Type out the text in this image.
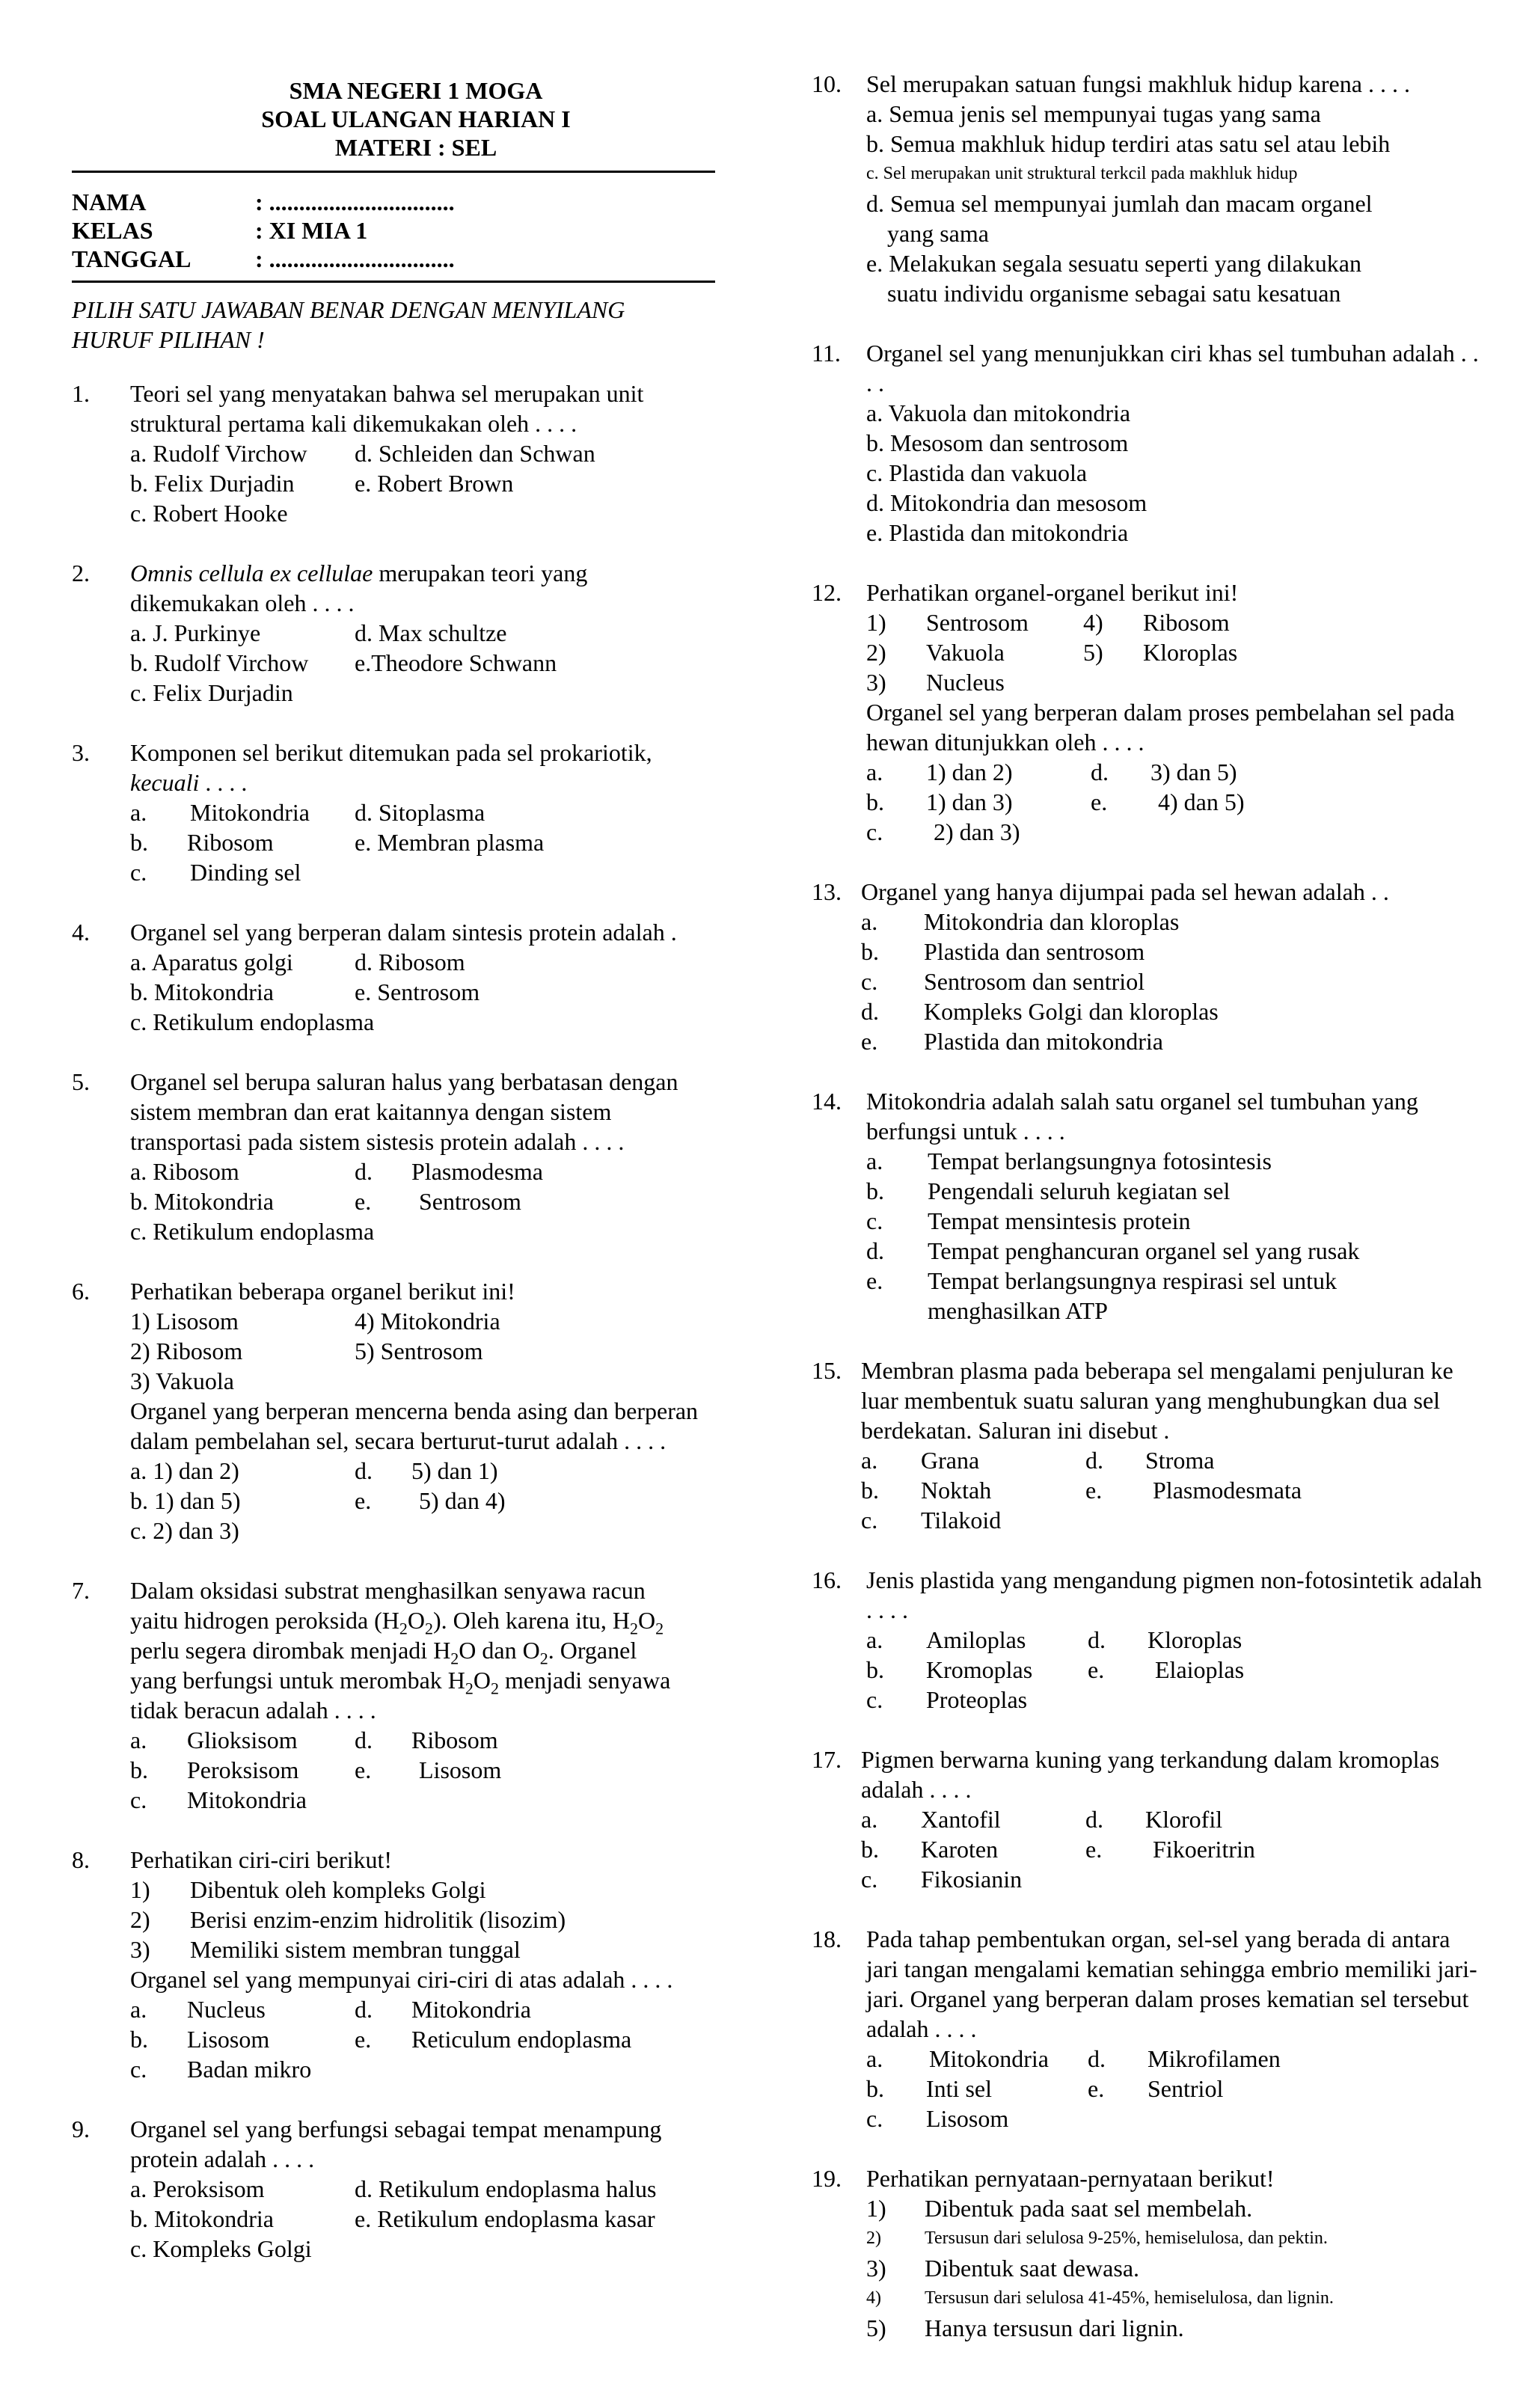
SMA NEGERI 1 MOGA
SOAL ULANGAN HARIAN I
MATERI : SEL
NAMA	: ...............................
KELAS	: XI MIA 1
TANGGAL	: ...............................
PILIH SATU JAWABAN BENAR DENGAN MENYILANG
HURUF PILIHAN !
1. Teori sel yang menyatakan bahwa sel merupakan unit struktural pertama kali dikemukakan oleh . . . .
a. Rudolf Virchow	d. Schleiden dan Schwan
b. Felix Durjadin	e. Robert Brown
c. Robert Hooke
2. Omnis cellula ex cellulae merupakan teori yang dikemukakan oleh . . . .
a. J. Purkinye	d. Max schultze
b. Rudolf Virchow	e.Theodore Schwann
c. Felix Durjadin
3. Komponen sel berikut ditemukan pada sel prokariotik,
kecuali . . . .
a. Mitokondria	d. Sitoplasma
b. Ribosom	e. Membran plasma
c. Dinding sel
4. Organel sel yang berperan dalam sintesis protein adalah .
a. Aparatus golgi	d. Ribosom
b. Mitokondria	e. Sentrosom
c. Retikulum endoplasma
5. Organel sel berupa saluran halus yang berbatasan dengan sistem membran dan erat kaitannya dengan sistem transportasi pada sistem sistesis protein adalah . . . .
a. Ribosom	d. Plasmodesma
b. Mitokondria	e. Sentrosom
c. Retikulum endoplasma
6. Perhatikan beberapa organel berikut ini!
1) Lisosom	4) Mitokondria
2) Ribosom	5) Sentrosom
3) Vakuola
Organel yang berperan mencerna benda asing dan berperan dalam pembelahan sel, secara berturut-turut adalah . . . .
a. 1) dan 2)	d. 5) dan 1)
b. 1) dan 5)	e. 5) dan 4)
c. 2) dan 3)
7. Dalam oksidasi substrat menghasilkan senyawa racun
yaitu hidrogen peroksida $(H_2O_2)$. Oleh karena itu, $H_2O_2$
perlu segera dirombak menjadi $H_2O$ dan $O_2$. Organel
yang berfungsi untuk merombak $H_2O_2$ menjadi senyawa
tidak beracun adalah . . . .
a. Glioksisom	d. Ribosom
b. Peroksisom	e. Lisosom
c. Mitokondria
8. Perhatikan ciri-ciri berikut!
1)	Dibentuk oleh kompleks Golgi
2)	Berisi enzim-enzim hidrolitik (lisozim)
3)	Memiliki sistem membran tunggal
Organel sel yang mempunyai ciri-ciri di atas adalah . . . .
a. Nucleus	d. Mitokondria
b. Lisosom	e. Reticulum endoplasma
c. Badan mikro
9. Organel sel yang berfungsi sebagai tempat menampung protein adalah . . . .
a. Peroksisom	d. Retikulum endoplasma halus
b. Mitokondria	e. Retikulum endoplasma kasar
c. Kompleks Golgi
10. Sel merupakan satuan fungsi makhluk hidup karena . . . .
a. Semua jenis sel mempunyai tugas yang sama
b. Semua makhluk hidup terdiri atas satu sel atau lebih
c. Sel merupakan unit struktural terkcil pada makhluk hidup
d. Semua sel mempunyai jumlah dan macam organel
yang sama
e. Melakukan segala sesuatu seperti yang dilakukan
suatu individu organisme sebagai satu kesatuan
11. Organel sel yang menunjukkan ciri khas sel tumbuhan adalah . . . .
a. Vakuola dan mitokondria
b. Mesosom dan sentrosom
c. Plastida dan vakuola
d. Mitokondria dan mesosom
e. Plastida dan mitokondria
12. Perhatikan organel-organel berikut ini!
1)	Sentrosom	4)	Ribosom
2)	Vakuola	5)	Kloroplas
3)	Nucleus
Organel sel yang berperan dalam proses pembelahan sel pada hewan ditunjukkan oleh . . . .
a. 1) dan 2)	d. 3) dan 5)
b. 1) dan 3)	e. 4) dan 5)
c. 2) dan 3)
13. Organel yang hanya dijumpai pada sel hewan adalah . .
a.	Mitokondria dan kloroplas
b.	Plastida dan sentrosom
c.	Sentrosom dan sentriol
d.	Kompleks Golgi dan kloroplas
e.	Plastida dan mitokondria
14. Mitokondria adalah salah satu organel sel tumbuhan yang berfungsi untuk . . . .
a.	Tempat berlangsungnya fotosintesis
b.	Pengendali seluruh kegiatan sel
c.	Tempat mensintesis protein
d.	Tempat penghancuran organel sel yang rusak
e.	Tempat berlangsungnya respirasi sel untuk
menghasilkan ATP
15. Membran plasma pada beberapa sel mengalami penjuluran ke luar membentuk suatu saluran yang menghubungkan dua sel berdekatan. Saluran ini disebut .
a. Grana	d. Stroma
b. Noktah	e. Plasmodesmata
c. Tilakoid
16. Jenis plastida yang mengandung pigmen non-fotosintetik adalah . . . .
a. Amiloplas	d. Kloroplas
b. Kromoplas	e. Elaioplas
c. Proteoplas
17. Pigmen berwarna kuning yang terkandung dalam kromoplas adalah . . . .
a. Xantofil	d. Klorofil
b. Karoten	e. Fikoeritrin
c. Fikosianin
18. Pada tahap pembentukan organ, sel-sel yang berada di antara jari tangan mengalami kematian sehingga embrio memiliki jari-jari. Organel yang berperan dalam proses kematian sel tersebut adalah . . . .
a. Mitokondria	d. Mikrofilamen
b. Inti sel	e. Sentriol
c. Lisosom
19. Perhatikan pernyataan-pernyataan berikut!
1)	Dibentuk pada saat sel membelah.
2)	Tersusun dari selulosa 9-25%, hemiselulosa, dan pektin.
3)	Dibentuk saat dewasa.
4)	Tersusun dari selulosa 41-45%, hemiselulosa, dan lignin.
5)	Hanya tersusun dari lignin.
